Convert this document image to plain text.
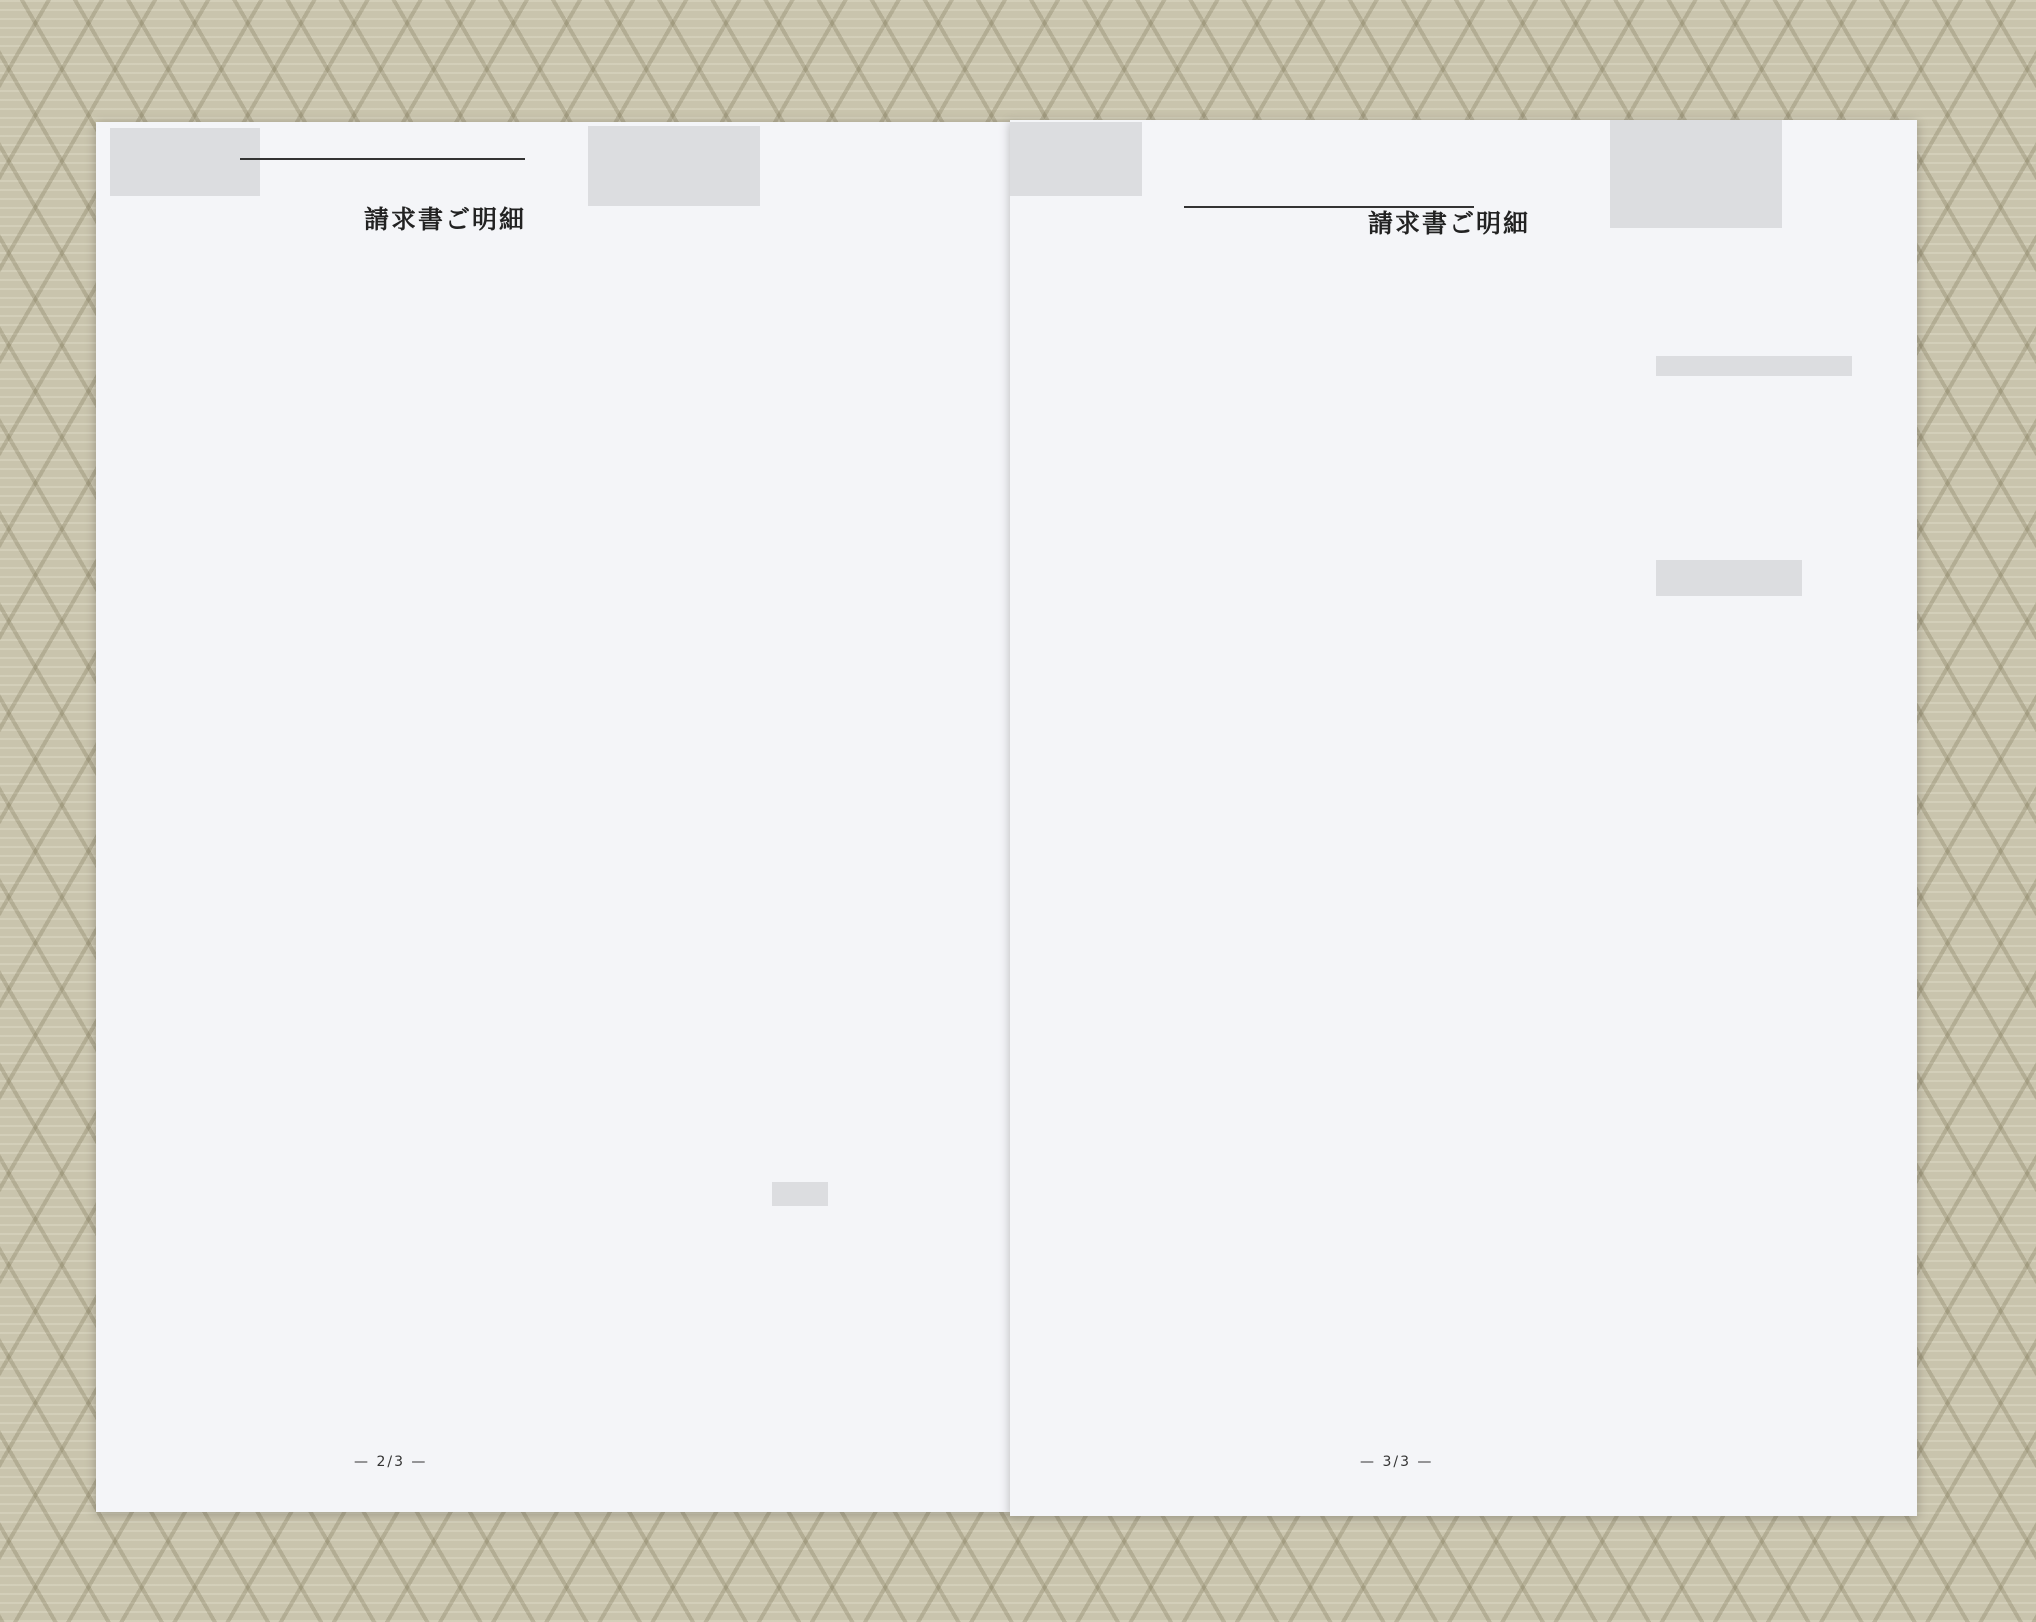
請求書ご明細
— 2/3 —
請求書ご明細
— 3/3 —
